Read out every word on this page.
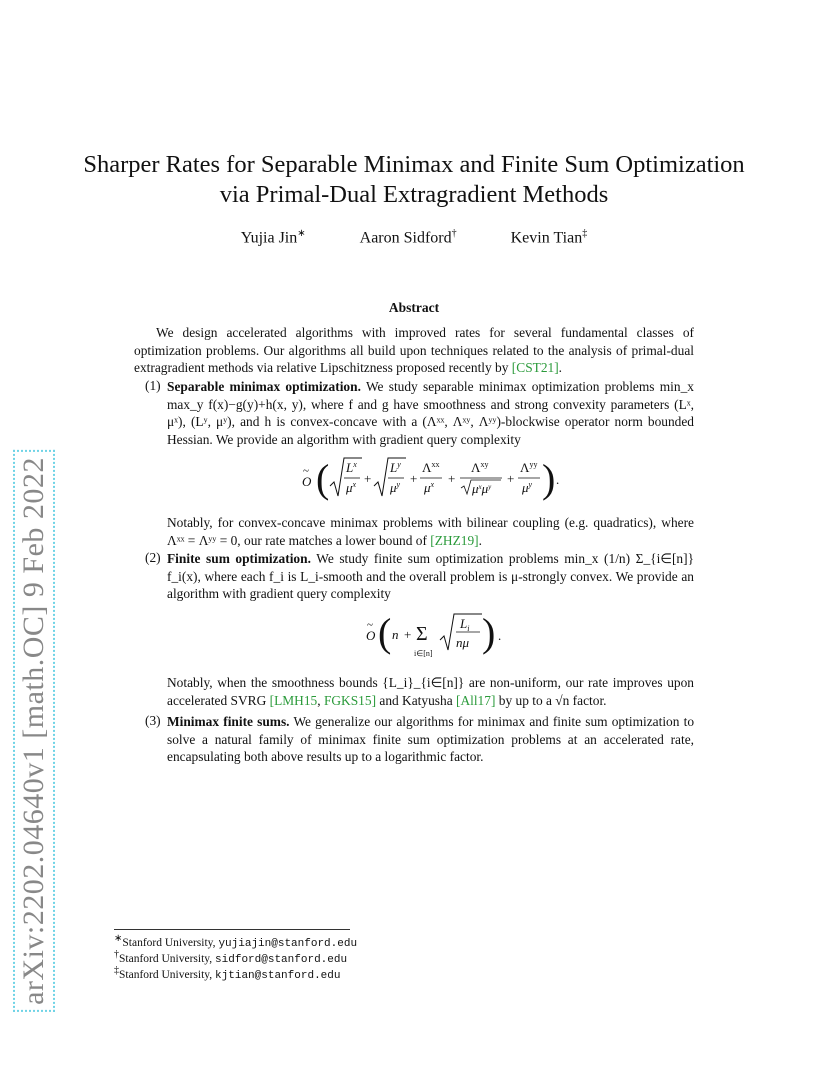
arXiv:2202.04640v1 [math.OC] 9 Feb 2022
Sharper Rates for Separable Minimax and Finite Sum Optimization
via Primal-Dual Extragradient Methods
Yujia Jin∗	Aaron Sidford†	Kevin Tian‡
Abstract
We design accelerated algorithms with improved rates for several fundamental classes of optimization problems. Our algorithms all build upon techniques related to the analysis of primal-dual extragradient methods via relative Lipschitzness proposed recently by [CST21].
(1) Separable minimax optimization. We study separable minimax optimization problems min_x max_y f(x)−g(y)+h(x, y), where f and g have smoothness and strong convexity parameters (Lˣ, μˣ), (Lʸ, μʸ), and h is convex-concave with a (Λˣˣ, Λˣʸ, Λʸʸ)-blockwise operator norm bounded Hessian. We provide an algorithm with gradient query complexity
O
~ ( $L^x$
$\mu^x$ +
$L^y$
$\mu^y$ +
$\Lambda^{xx}$
$\mu^x$ +
$\Lambda^{xy}$
$\mu^x\mu^y$
+
$\Lambda^{yy}$
$\mu^y$ ) .
Notably, for convex-concave minimax problems with bilinear coupling (e.g. quadratics), where Λˣˣ = Λʸʸ = 0, our rate matches a lower bound of [ZHZ19].
(2) Finite sum optimization. We study finite sum optimization problems min_x (1/n) Σ_{i∈[n]} f_i(x), where each f_i is L_i-smooth and the overall problem is μ-strongly convex. We provide an algorithm with gradient query complexity
O
~ ( n + Σ
i∈[n]
$L_i$
nμ ) .
Notably, when the smoothness bounds {L_i}_{i∈[n]} are non-uniform, our rate improves upon accelerated SVRG [LMH15, FGKS15] and Katyusha [All17] by up to a √n factor.
(3) Minimax finite sums. We generalize our algorithms for minimax and finite sum optimization to solve a natural family of minimax finite sum optimization problems at an accelerated rate, encapsulating both above results up to a logarithmic factor.
∗Stanford University, yujiajin@stanford.edu
†Stanford University, sidford@stanford.edu
‡Stanford University, kjtian@stanford.edu
